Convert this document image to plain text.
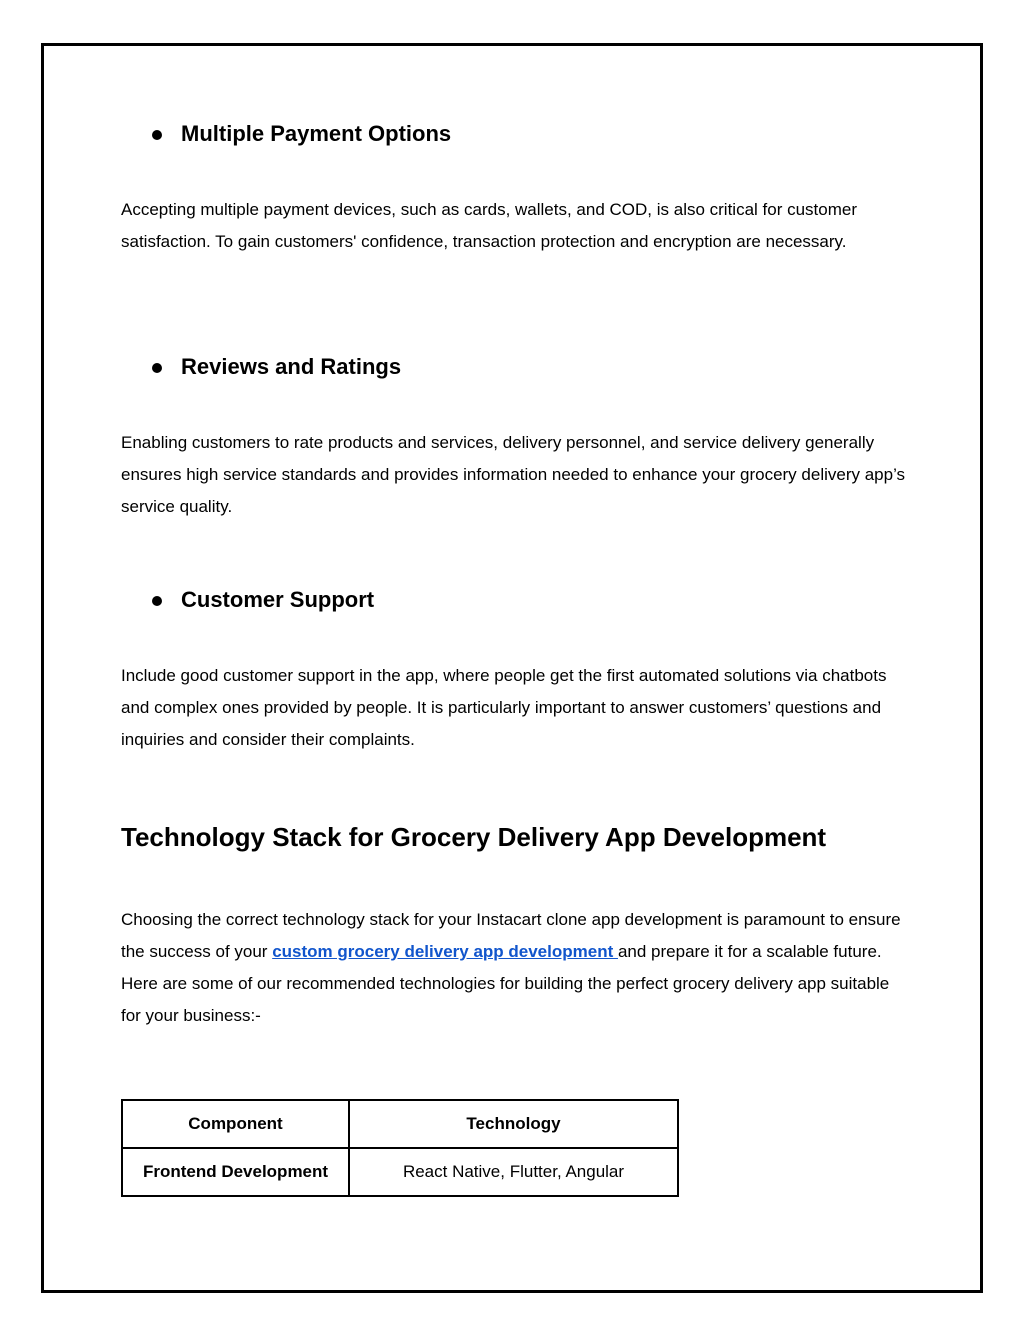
Multiple Payment Options
Accepting multiple payment devices, such as cards, wallets, and COD, is also critical for customer satisfaction. To gain customers' confidence, transaction protection and encryption are necessary.
Reviews and Ratings
Enabling customers to rate products and services, delivery personnel, and service delivery generally ensures high service standards and provides information needed to enhance your grocery delivery app’s service quality.
Customer Support
Include good customer support in the app, where people get the first automated solutions via chatbots and complex ones provided by people. It is particularly important to answer customers’ questions and inquiries and consider their complaints.
Technology Stack for Grocery Delivery App Development
Choosing the correct technology stack for your Instacart clone app development is paramount to ensure the success of your custom grocery delivery app development and prepare it for a scalable future. Here are some of our recommended technologies for building the perfect grocery delivery app suitable for your business:-
Component	Technology
Frontend Development	React Native, Flutter, Angular
